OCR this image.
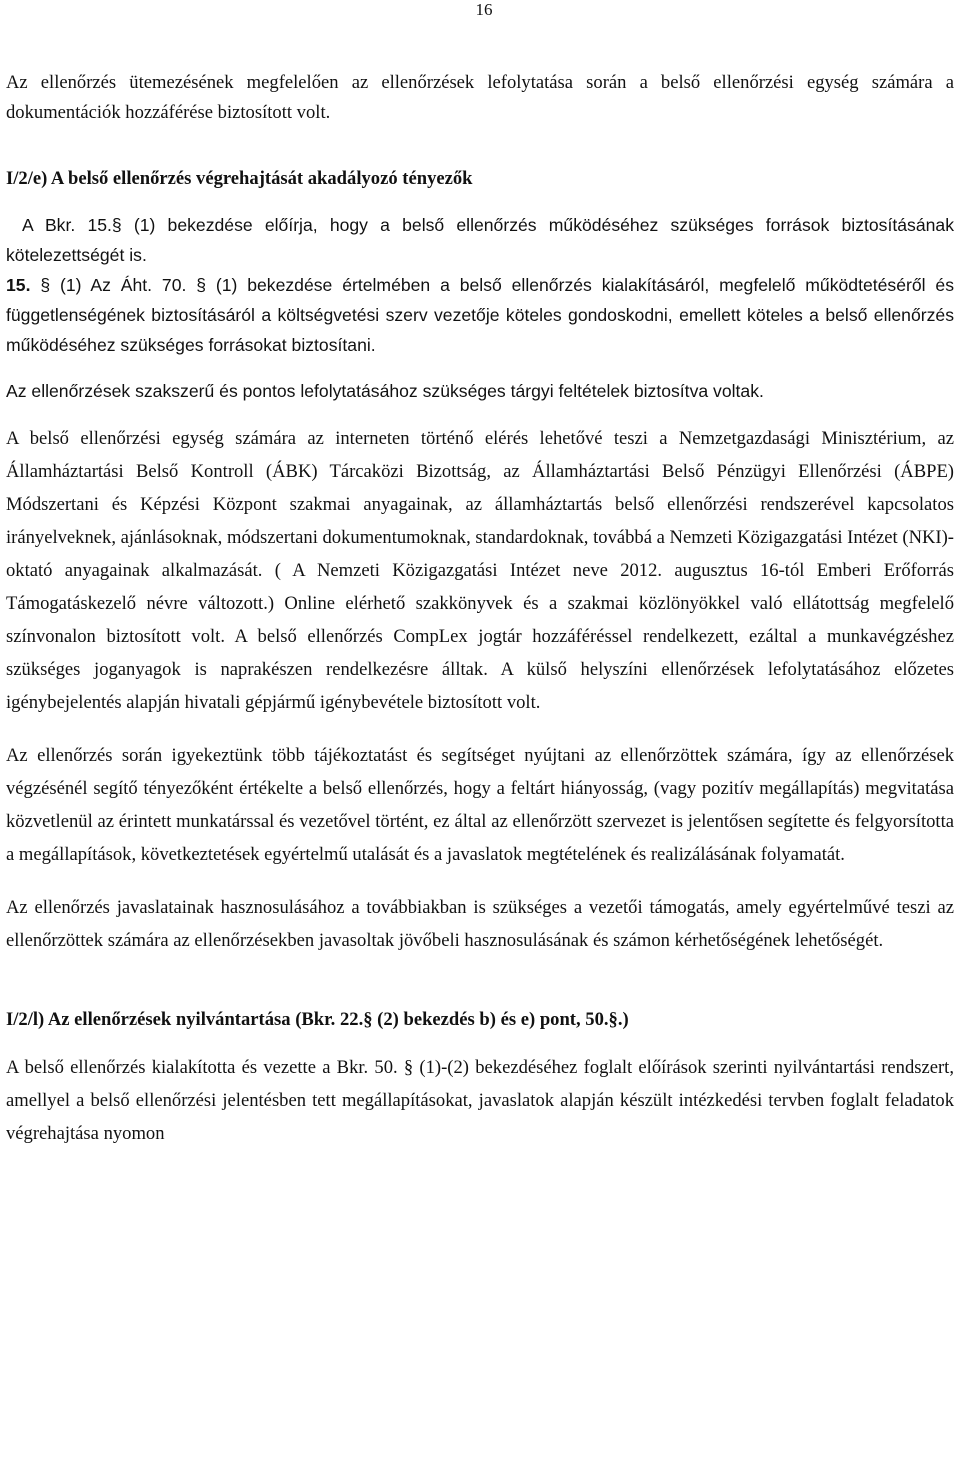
16

Az ellenőrzés ütemezésének megfelelően az ellenőrzések lefolytatása során a belső ellenőrzési egység számára a dokumentációk hozzáférése biztosított volt.

I/2/e) A belső ellenőrzés végrehajtását akadályozó tényezők

A Bkr. 15.§ (1) bekezdése előírja, hogy a belső ellenőrzés működéséhez szükséges források biztosításának kötelezettségét is.

15. § (1) Az Áht. 70. § (1) bekezdése értelmében a belső ellenőrzés kialakításáról, megfelelő működtetéséről és függetlenségének biztosításáról a költségvetési szerv vezetője köteles gondoskodni, emellett köteles a belső ellenőrzés működéséhez szükséges forrásokat biztosítani.

Az ellenőrzések szakszerű és pontos lefolytatásához szükséges tárgyi feltételek biztosítva voltak.

A belső ellenőrzési egység számára az interneten történő elérés lehetővé teszi a Nemzetgazdasági Minisztérium, az Államháztartási Belső Kontroll (ÁBK) Tárcaközi Bizottság, az Államháztartási Belső Pénzügyi Ellenőrzési (ÁBPE) Módszertani és Képzési Központ szakmai anyagainak, az államháztartás belső ellenőrzési rendszerével kapcsolatos irányelveknek, ajánlásoknak, módszertani dokumentumoknak, standardoknak, továbbá a Nemzeti Közigazgatási Intézet (NKI)- oktató anyagainak alkalmazását. ( A Nemzeti Közigazgatási Intézet neve 2012. augusztus 16-tól Emberi Erőforrás Támogatáskezelő névre változott.) Online elérhető szakkönyvek és a szakmai közlönyökkel való ellátottság megfelelő színvonalon biztosított volt. A belső ellenőrzés CompLex jogtár hozzáféréssel rendelkezett, ezáltal a munkavégzéshez szükséges joganyagok is naprakészen rendelkezésre álltak. A külső helyszíni ellenőrzések lefolytatásához előzetes igénybejelentés alapján hivatali gépjármű igénybevétele biztosított volt.

Az ellenőrzés során igyekeztünk több tájékoztatást és segítséget nyújtani az ellenőrzöttek számára, így az ellenőrzések végzésénél segítő tényezőként értékelte a belső ellenőrzés, hogy a feltárt hiányosság, (vagy pozitív megállapítás) megvitatása közvetlenül az érintett munkatárssal és vezetővel történt, ez által az ellenőrzött szervezet is jelentősen segítette és felgyorsította a megállapítások, következtetések egyértelmű utalását és a javaslatok megtételének és realizálásának folyamatát.

Az ellenőrzés javaslatainak hasznosulásához a továbbiakban is szükséges a vezetői támogatás, amely egyértelművé teszi az ellenőrzöttek számára az ellenőrzésekben javasoltak jövőbeli hasznosulásának és számon kérhetőségének lehetőségét.

I/2/l) Az ellenőrzések nyilvántartása (Bkr. 22.§ (2) bekezdés b) és e) pont, 50.§.)

A belső ellenőrzés kialakította és vezette a Bkr. 50. § (1)-(2) bekezdéséhez foglalt előírások szerinti nyilvántartási rendszert, amellyel a belső ellenőrzési jelentésben tett megállapításokat, javaslatok alapján készült intézkedési tervben foglalt feladatok végrehajtása nyomon
